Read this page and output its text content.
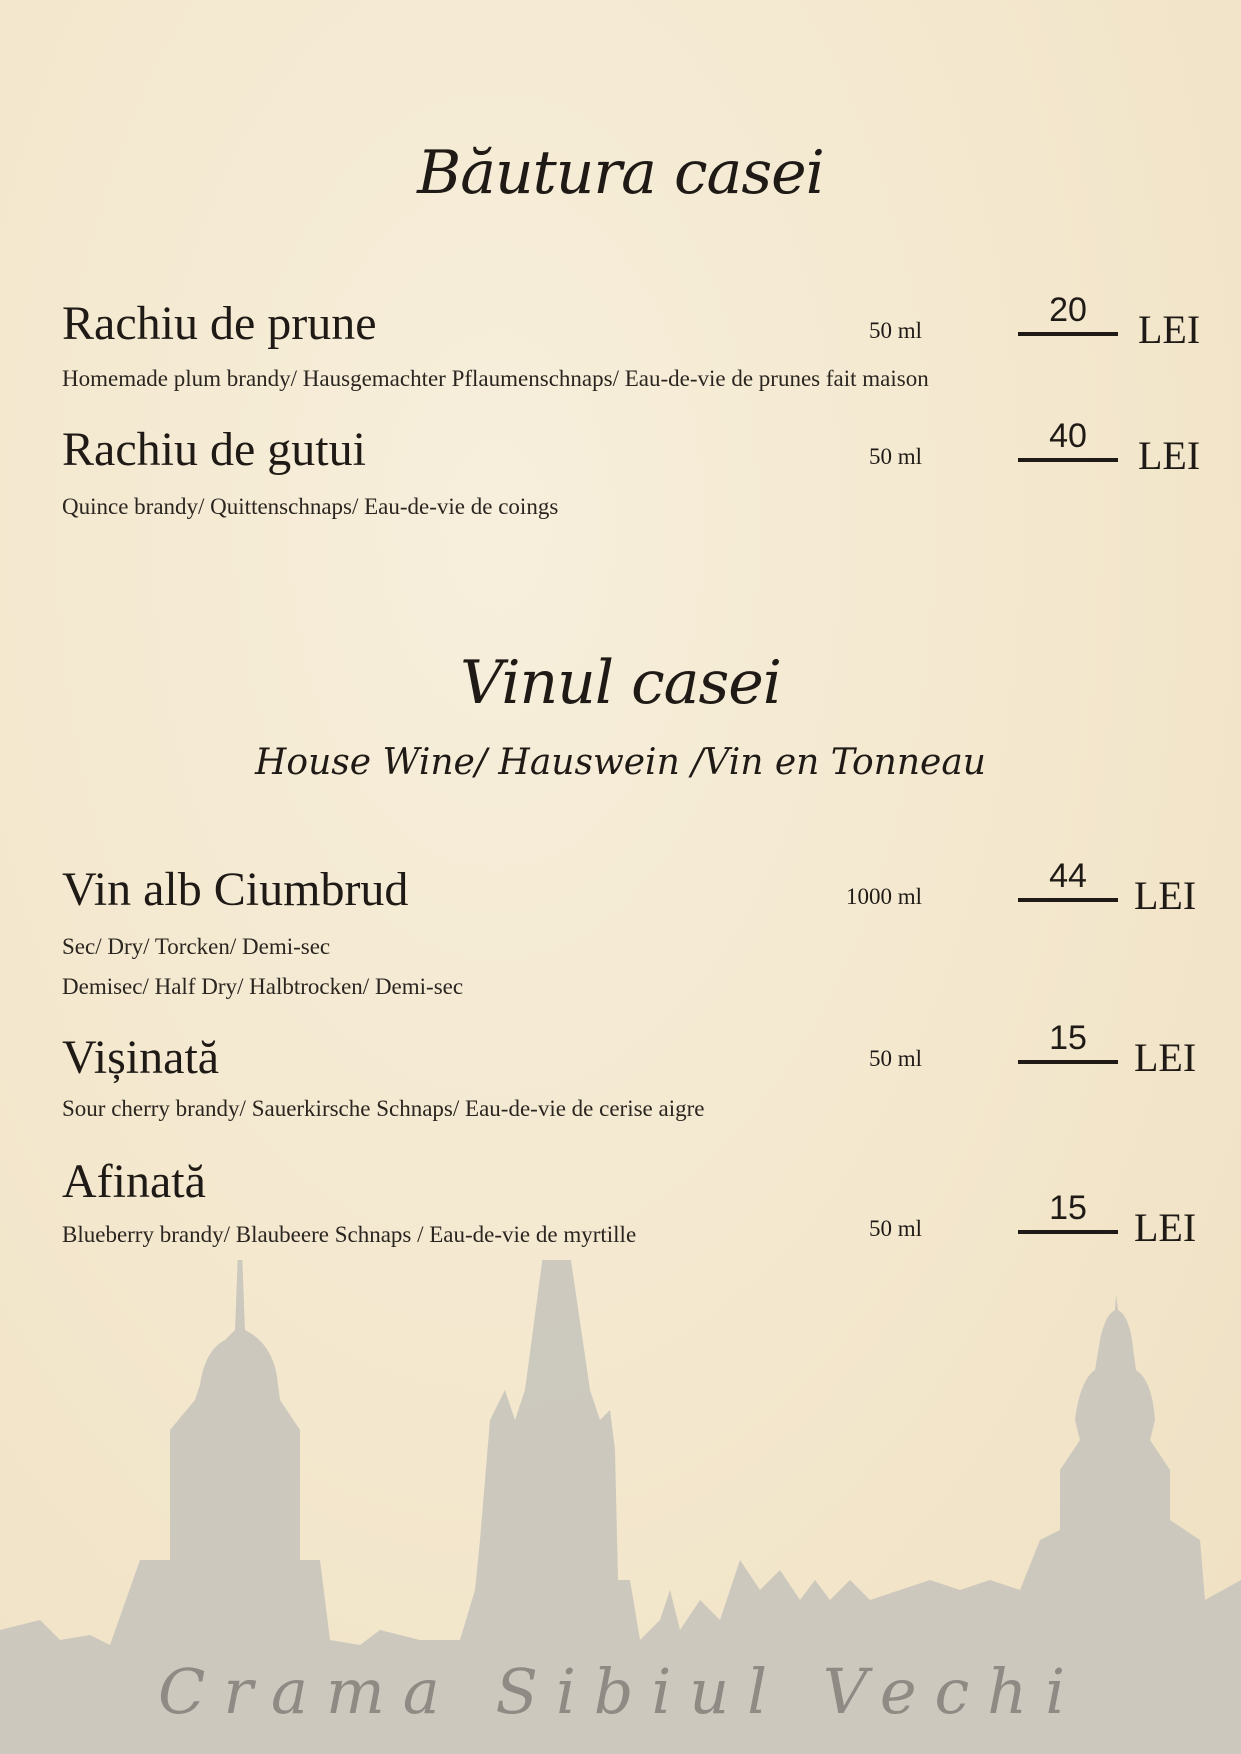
Băutura casei
Rachiu de prune	50 ml
20	LEI
Homemade plum brandy/ Hausgemachter Pflaumenschnaps/ Eau-de-vie de prunes fait maison
Rachiu de gutui	50 ml
40	LEI
Quince brandy/ Quittenschnaps/ Eau-de-vie de coings
Vinul casei
House Wine/ Hauswein /Vin en Tonneau
Vin alb Ciumbrud	1000 ml
44	LEI
Sec/ Dry/ Torcken/ Demi-sec
Demisec/ Half Dry/ Halbtrocken/ Demi-sec
Vișinată	50 ml
15	LEI
Sour cherry brandy/ Sauerkirsche Schnaps/ Eau-de-vie de cerise aigre
Afinată
50 ml
15	LEI
Blueberry brandy/ Blaubeere Schnaps / Eau-de-vie de myrtille
Crama Sibiul Vechi
